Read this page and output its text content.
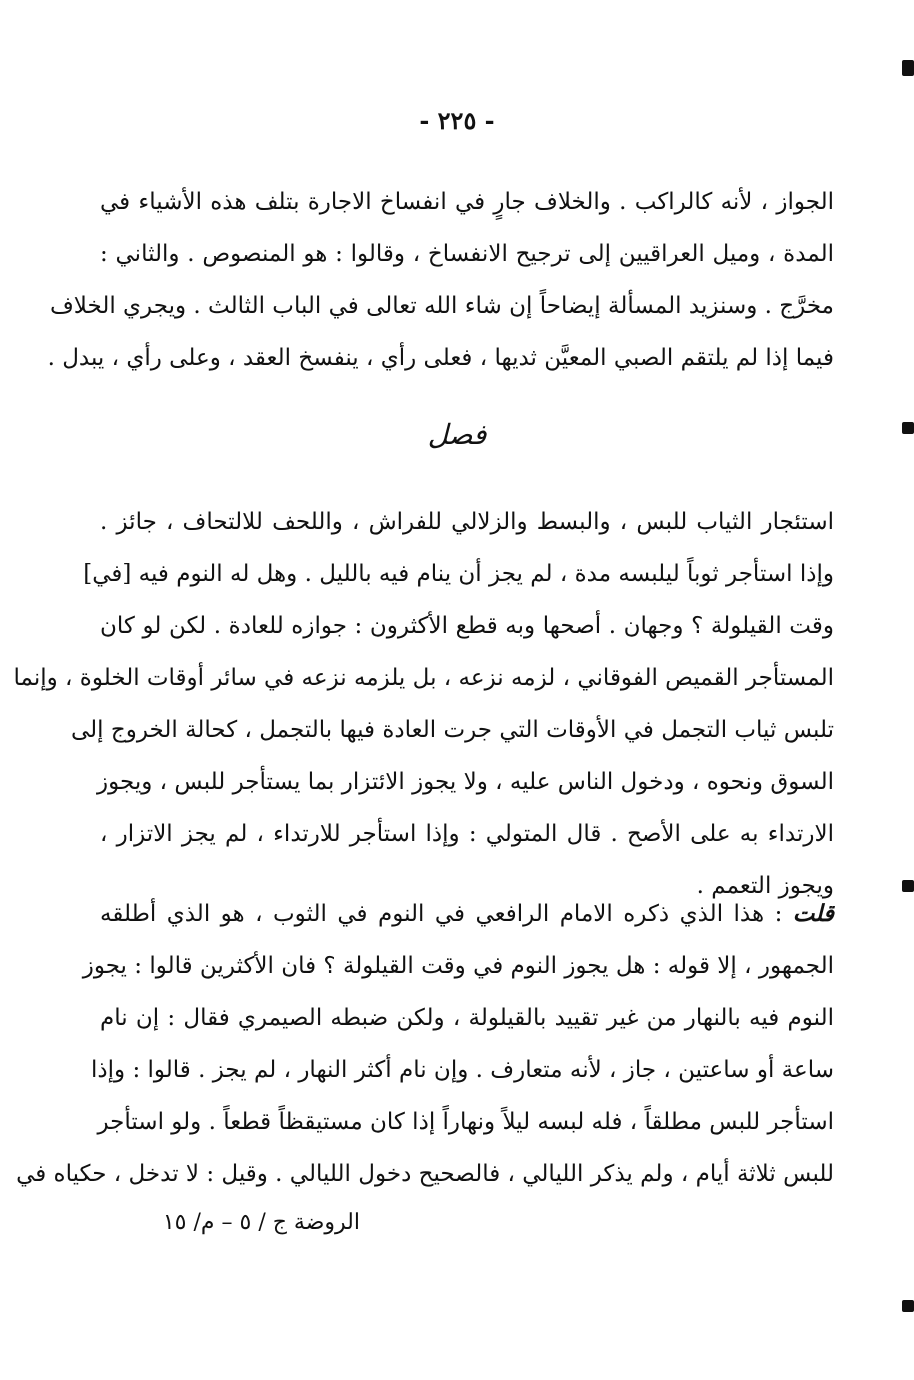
- ٢٢٥ -
الجواز ، لأنه كالراكب . والخلاف جارٍ في انفساخ الاجارة بتلف هذه الأشياء في
المدة ، وميل العراقيين إلى ترجيح الانفساخ ، وقالوا : هو المنصوص . والثاني :
مخرَّج . وسنزيد المسألة إيضاحاً إن شاء الله تعالى في الباب الثالث . ويجري الخلاف
فيما إذا لم يلتقم الصبي المعيَّن ثديها ، فعلى رأي ، ينفسخ العقد ، وعلى رأي ، يبدل .
فصل
استئجار الثياب للبس ، والبسط والزلالي للفراش ، واللحف للالتحاف ، جائز .
وإذا استأجر ثوباً ليلبسه مدة ، لم يجز أن ينام فيه بالليل . وهل له النوم فيه [في]
وقت القيلولة ؟ وجهان . أصحها وبه قطع الأكثرون : جوازه للعادة . لكن لو كان
المستأجر القميص الفوقاني ، لزمه نزعه ، بل يلزمه نزعه في سائر أوقات الخلوة ، وإنما
تلبس ثياب التجمل في الأوقات التي جرت العادة فيها بالتجمل ، كحالة الخروج إلى
السوق ونحوه ، ودخول الناس عليه ، ولا يجوز الائتزار بما يستأجر للبس ، ويجوز
الارتداء به على الأصح . قال المتولي : وإذا استأجر للارتداء ، لم يجز الاتزار ،
ويجوز التعمم .
قلت : هذا الذي ذكره الامام الرافعي في النوم في الثوب ، هو الذي أطلقه
الجمهور ، إلا قوله : هل يجوز النوم في وقت القيلولة ؟ فان الأكثرين قالوا : يجوز
النوم فيه بالنهار من غير تقييد بالقيلولة ، ولكن ضبطه الصيمري فقال : إن نام
ساعة أو ساعتين ، جاز ، لأنه متعارف . وإن نام أكثر النهار ، لم يجز . قالوا : وإذا
استأجر للبس مطلقاً ، فله لبسه ليلاً ونهاراً إذا كان مستيقظاً قطعاً . ولو استأجر
للبس ثلاثة أيام ، ولم يذكر الليالي ، فالصحيح دخول الليالي . وقيل : لا تدخل ، حكياه في
الروضة ج / ٥ – م/ ١٥
